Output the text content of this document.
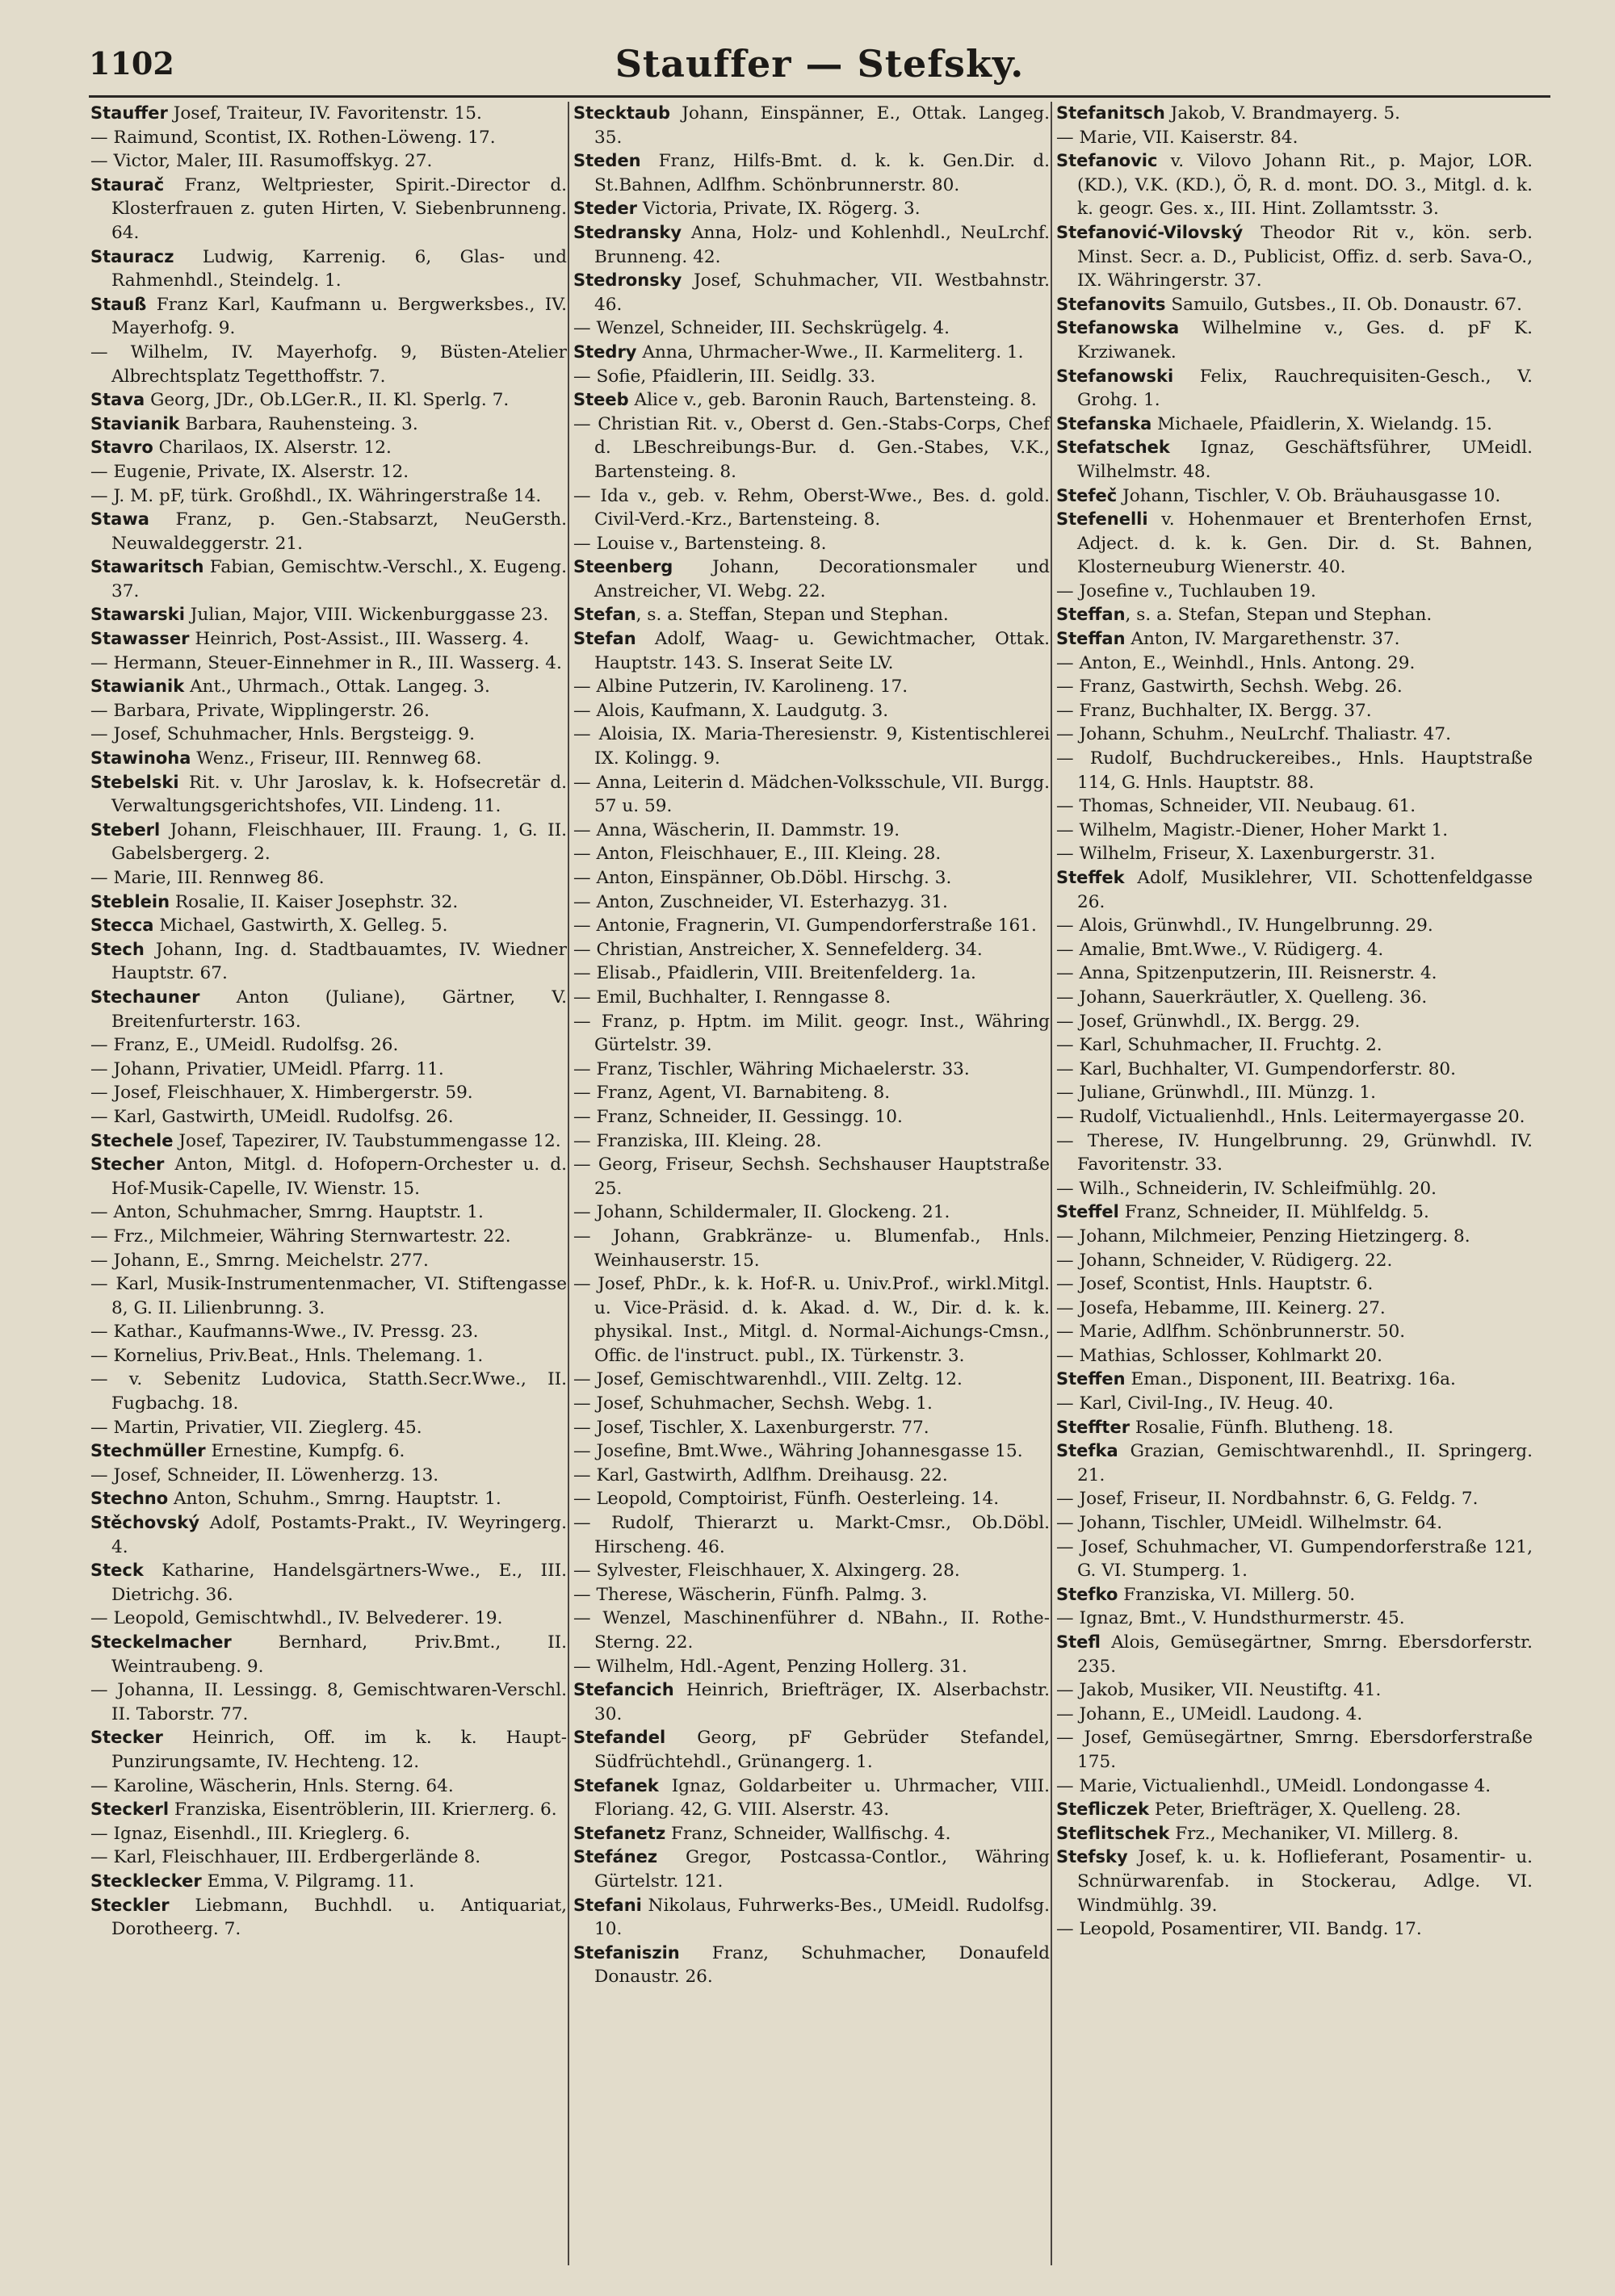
1102	Stauffer — Stefsky.
Stauffer Josef, Traiteur, IV. Favoritenstr. 15.
— Raimund, Scontist, IX. Rothen-Löweng. 17.
— Victor, Maler, III. Rasumoffskyg. 27.
Staurač Franz, Weltpriester, Spirit.-Director d. Klosterfrauen z. guten Hirten, V. Siebenbrunneng. 64.
Stauracz Ludwig, Karrenig. 6, Glas- und Rahmenhdl., Steindelg. 1.
Stauß Franz Karl, Kaufmann u. Bergwerksbes., IV. Mayerhofg. 9.
— Wilhelm, IV. Mayerhofg. 9, Büsten-Atelier Albrechtsplatz Tegetthoffstr. 7.
Stava Georg, JDr., Ob.LGer.R., II. Kl. Sperlg. 7.
Stavianik Barbara, Rauhensteing. 3.
Stavro Charilaos, IX. Alserstr. 12.
— Eugenie, Private, IX. Alserstr. 12.
— J. M. pF, türk. Großhdl., IX. Währingerstraße 14.
Stawa Franz, p. Gen.-Stabsarzt, NeuGersth. Neuwaldeggerstr. 21.
Stawaritsch Fabian, Gemischtw.-Verschl., X. Eugeng. 37.
Stawarski Julian, Major, VIII. Wickenburggasse 23.
Stawasser Heinrich, Post-Assist., III. Wasserg. 4.
— Hermann, Steuer-Einnehmer in R., III. Wasserg. 4.
Stawianik Ant., Uhrmach., Ottak. Langeg. 3.
— Barbara, Private, Wipplingerstr. 26.
— Josef, Schuhmacher, Hnls. Bergsteigg. 9.
Stawinoha Wenz., Friseur, III. Rennweg 68.
Stebelski Rit. v. Uhr Jaroslav, k. k. Hofsecretär d. Verwaltungsgerichtshofes, VII. Lindeng. 11.
Steberl Johann, Fleischhauer, III. Fraung. 1, G. II. Gabelsbergerg. 2.
— Marie, III. Rennweg 86.
Steblein Rosalie, II. Kaiser Josephstr. 32.
Stecca Michael, Gastwirth, X. Gelleg. 5.
Stech Johann, Ing. d. Stadtbauamtes, IV. Wiedner Hauptstr. 67.
Stechauner Anton (Juliane), Gärtner, V. Breitenfurterstr. 163.
— Franz, E., UMeidl. Rudolfsg. 26.
— Johann, Privatier, UMeidl. Pfarrg. 11.
— Josef, Fleischhauer, X. Himbergerstr. 59.
— Karl, Gastwirth, UMeidl. Rudolfsg. 26.
Stechele Josef, Tapezirer, IV. Taubstummengasse 12.
Stecher Anton, Mitgl. d. Hofopern-Orchester u. d. Hof-Musik-Capelle, IV. Wienstr. 15.
— Anton, Schuhmacher, Smrng. Hauptstr. 1.
— Frz., Milchmeier, Währing Sternwartestr. 22.
— Johann, E., Smrng. Meichelstr. 277.
— Karl, Musik-Instrumentenmacher, VI. Stiftengasse 8, G. II. Lilienbrunng. 3.
— Kathar., Kaufmanns-Wwe., IV. Pressg. 23.
— Kornelius, Priv.Beat., Hnls. Thelemang. 1.
— v. Sebenitz Ludovica, Statth.Secr.Wwe., II. Fugbachg. 18.
— Martin, Privatier, VII. Zieglerg. 45.
Stechmüller Ernestine, Kumpfg. 6.
— Josef, Schneider, II. Löwenherzg. 13.
Stechno Anton, Schuhm., Smrng. Hauptstr. 1.
Stěchovský Adolf, Postamts-Prakt., IV. Weyringerg. 4.
Steck Katharine, Handelsgärtners-Wwe., E., III. Dietrichg. 36.
— Leopold, Gemischtwhdl., IV. Belvederег. 19.
Steckelmacher Bernhard, Priv.Bmt., II. Weintraubeng. 9.
— Johanna, II. Lessingg. 8, Gemischtwaren-Verschl. II. Taborstr. 77.
Stecker Heinrich, Off. im k. k. Haupt-Punzirungsamte, IV. Hechteng. 12.
— Karoline, Wäscherin, Hnls. Sterng. 64.
Steckerl Franziska, Eisentröblerin, III. Kriеглerg. 6.
— Ignaz, Eisenhdl., III. Krieglerg. 6.
— Karl, Fleischhauer, III. Erdbergerlände 8.
Stecklecker Emma, V. Pilgramg. 11.
Steckler Liebmann, Buchhdl. u. Antiquariat, Dorotheerg. 7.
Stecktaub Johann, Einspänner, E., Ottak. Langeg. 35.
Steden Franz, Hilfs-Bmt. d. k. k. Gen.Dir. d. St.Bahnen, Adlfhm. Schönbrunnerstr. 80.
Steder Victoria, Private, IX. Rögerg. 3.
Stedransky Anna, Holz- und Kohlenhdl., NeuLrchf. Brunneng. 42.
Stedronsky Josef, Schuhmacher, VII. Westbahnstr. 46.
— Wenzel, Schneider, III. Sechskrügelg. 4.
Stedry Anna, Uhrmacher-Wwe., II. Karmeliterg. 1.
— Sofie, Pfaidlerin, III. Seidlg. 33.
Steeb Alice v., geb. Baronin Rauch, Bartensteing. 8.
— Christian Rit. v., Oberst d. Gen.-Stabs-Corps, Chef d. LBeschreibungs-Bur. d. Gen.-Stabes, V.K., Bartensteing. 8.
— Ida v., geb. v. Rehm, Oberst-Wwe., Bes. d. gold. Civil-Verd.-Krz., Bartensteing. 8.
— Louise v., Bartensteing. 8.
Steenberg Johann, Decorationsmaler und Anstreicher, VI. Webg. 22.
Stefan, s. a. Steffan, Stepan und Stephan.
Stefan Adolf, Waag- u. Gewichtmacher, Ottak. Hauptstr. 143. S. Inserat Seite LV.
— Albine Putzerin, IV. Karolineng. 17.
— Alois, Kaufmann, X. Laudgutg. 3.
— Aloisia, IX. Maria-Theresienstr. 9, Kistentischlerei IX. Kolingg. 9.
— Anna, Leiterin d. Mädchen-Volksschule, VII. Burgg. 57 u. 59.
— Anna, Wäscherin, II. Dammstr. 19.
— Anton, Fleischhauer, E., III. Kleing. 28.
— Anton, Einspänner, Ob.Döbl. Hirschg. 3.
— Anton, Zuschneider, VI. Esterhazyg. 31.
— Antonie, Fragnerin, VI. Gumpendorferstraße 161.
— Christian, Anstreicher, X. Sennefelderg. 34.
— Elisab., Pfaidlerin, VIII. Breitenfelderg. 1a.
— Emil, Buchhalter, I. Renngasse 8.
— Franz, p. Hptm. im Milit. geogr. Inst., Währing Gürtelstr. 39.
— Franz, Tischler, Währing Michaelerstr. 33.
— Franz, Agent, VI. Barnabiteng. 8.
— Franz, Schneider, II. Gessingg. 10.
— Franziska, III. Kleing. 28.
— Georg, Friseur, Sechsh. Sechshauser Hauptstraße 25.
— Johann, Schildermaler, II. Glockeng. 21.
— Johann, Grabkränze- u. Blumenfab., Hnls. Weinhauserstr. 15.
— Josef, PhDr., k. k. Hof-R. u. Univ.Prof., wirkl.Mitgl. u. Vice-Präsid. d. k. Akad. d. W., Dir. d. k. k. physikal. Inst., Mitgl. d. Normal-Aichungs-Cmsn., Offic. de l'instruct. publ., IX. Türkenstr. 3.
— Josef, Gemischtwarenhdl., VIII. Zeltg. 12.
— Josef, Schuhmacher, Sechsh. Webg. 1.
— Josef, Tischler, X. Laxenburgerstr. 77.
— Josefine, Bmt.Wwe., Währing Johannesgasse 15.
— Karl, Gastwirth, Adlfhm. Dreihausg. 22.
— Leopold, Comptoirist, Fünfh. Oesterleing. 14.
— Rudolf, Thierarzt u. Markt-Cmsr., Ob.Döbl. Hirscheng. 46.
— Sylvester, Fleischhauer, X. Alxingerg. 28.
— Therese, Wäscherin, Fünfh. Palmg. 3.
— Wenzel, Maschinenführer d. NBahn., II. Rothe-Sterng. 22.
— Wilhelm, Hdl.-Agent, Penzing Hollerg. 31.
Stefancich Heinrich, Briefträger, IX. Alserbachstr. 30.
Stefandel Georg, pF Gebrüder Stefandel, Südfrüchtehdl., Grünangerg. 1.
Stefanek Ignaz, Goldarbeiter u. Uhrmacher, VIII. Floriang. 42, G. VIII. Alserstr. 43.
Stefanetz Franz, Schneider, Wallfischg. 4.
Stefánez Gregor, Postcassa-Contlor., Währing Gürtelstr. 121.
Stefani Nikolaus, Fuhrwerks-Bes., UMeidl. Rudolfsg. 10.
Stefaniszin Franz, Schuhmacher, Donaufeld Donaustr. 26.
Stefanitsch Jakob, V. Brandmayerg. 5.
— Marie, VII. Kaiserstr. 84.
Stefanovic v. Vilovo Johann Rit., p. Major, LOR. (KD.), V.K. (KD.), Ö, R. d. mont. DO. 3., Mitgl. d. k. k. geogr. Ges. x., III. Hint. Zollamtsstr. 3.
Stefanović-Vilovský Theodor Rit v., kön. serb. Minst. Secr. a. D., Publicist, Offiz. d. serb. Sava-O., IX. Währingerstr. 37.
Stefanovits Samuilo, Gutsbes., II. Ob. Donaustr. 67.
Stefanowska Wilhelmine v., Ges. d. pF K. Krziwanek.
Stefanowski Felix, Rauchrequisiten-Gesch., V. Grohg. 1.
Stefanska Michaele, Pfaidlerin, X. Wielandg. 15.
Stefatschek Ignaz, Geschäftsführer, UMeidl. Wilhelmstr. 48.
Stefeč Johann, Tischler, V. Ob. Bräuhausgasse 10.
Stefenelli v. Hohenmauer et Brenterhofen Ernst, Adject. d. k. k. Gen. Dir. d. St. Bahnen, Klosterneuburg Wienerstr. 40.
— Josefine v., Tuchlauben 19.
Steffan, s. a. Stefan, Stepan und Stephan.
Steffan Anton, IV. Margarethenstr. 37.
— Anton, E., Weinhdl., Hnls. Antong. 29.
— Franz, Gastwirth, Sechsh. Webg. 26.
— Franz, Buchhalter, IX. Bergg. 37.
— Johann, Schuhm., NeuLrchf. Thaliastr. 47.
— Rudolf, Buchdruckereibes., Hnls. Hauptstraße 114, G. Hnls. Hauptstr. 88.
— Thomas, Schneider, VII. Neubaug. 61.
— Wilhelm, Magistr.-Diener, Hoher Markt 1.
— Wilhelm, Friseur, X. Laxenburgerstr. 31.
Steffek Adolf, Musiklehrer, VII. Schottenfeldgasse 26.
— Alois, Grünwhdl., IV. Hungelbrunng. 29.
— Amalie, Bmt.Wwe., V. Rüdigerg. 4.
— Anna, Spitzenputzerin, III. Reisnerstr. 4.
— Johann, Sauerkräutler, X. Quelleng. 36.
— Josef, Grünwhdl., IX. Bergg. 29.
— Karl, Schuhmacher, II. Fruchtg. 2.
— Karl, Buchhalter, VI. Gumpendorferstr. 80.
— Juliane, Grünwhdl., III. Münzg. 1.
— Rudolf, Victualienhdl., Hnls. Leitermayergasse 20.
— Therese, IV. Hungelbrunng. 29, Grünwhdl. IV. Favoritenstr. 33.
— Wilh., Schneiderin, IV. Schleifmühlg. 20.
Steffel Franz, Schneider, II. Mühlfeldg. 5.
— Johann, Milchmeier, Penzing Hietzingerg. 8.
— Johann, Schneider, V. Rüdigerg. 22.
— Josef, Scontist, Hnls. Hauptstr. 6.
— Josefa, Hebamme, III. Keinerg. 27.
— Marie, Adlfhm. Schönbrunnerstr. 50.
— Mathias, Schlosser, Kohlmarkt 20.
Steffen Eman., Disponent, III. Beatrixg. 16a.
— Karl, Civil-Ing., IV. Heug. 40.
Steffter Rosalie, Fünfh. Blutheng. 18.
Stefka Grazian, Gemischtwarenhdl., II. Springerg. 21.
— Josef, Friseur, II. Nordbahnstr. 6, G. Feldg. 7.
— Johann, Tischler, UMeidl. Wilhelmstr. 64.
— Josef, Schuhmacher, VI. Gumpendorferstraße 121, G. VI. Stumperg. 1.
Stefko Franziska, VI. Millerg. 50.
— Ignaz, Bmt., V. Hundsthurmerstr. 45.
Stefl Alois, Gemüsegärtner, Smrng. Ebersdorferstr. 235.
— Jakob, Musiker, VII. Neustiftg. 41.
— Johann, E., UMeidl. Laudong. 4.
— Josef, Gemüsegärtner, Smrng. Ebersdorferstraße 175.
— Marie, Victualienhdl., UMeidl. Londongasse 4.
Stefliczek Peter, Briefträger, X. Quelleng. 28.
Steflitschek Frz., Mechaniker, VI. Millerg. 8.
Stefsky Josef, k. u. k. Hoflieferant, Posamentir- u. Schnürwarenfab. in Stockerau, Adlge. VI. Windmühlg. 39.
— Leopold, Posamentirer, VII. Bandg. 17.
